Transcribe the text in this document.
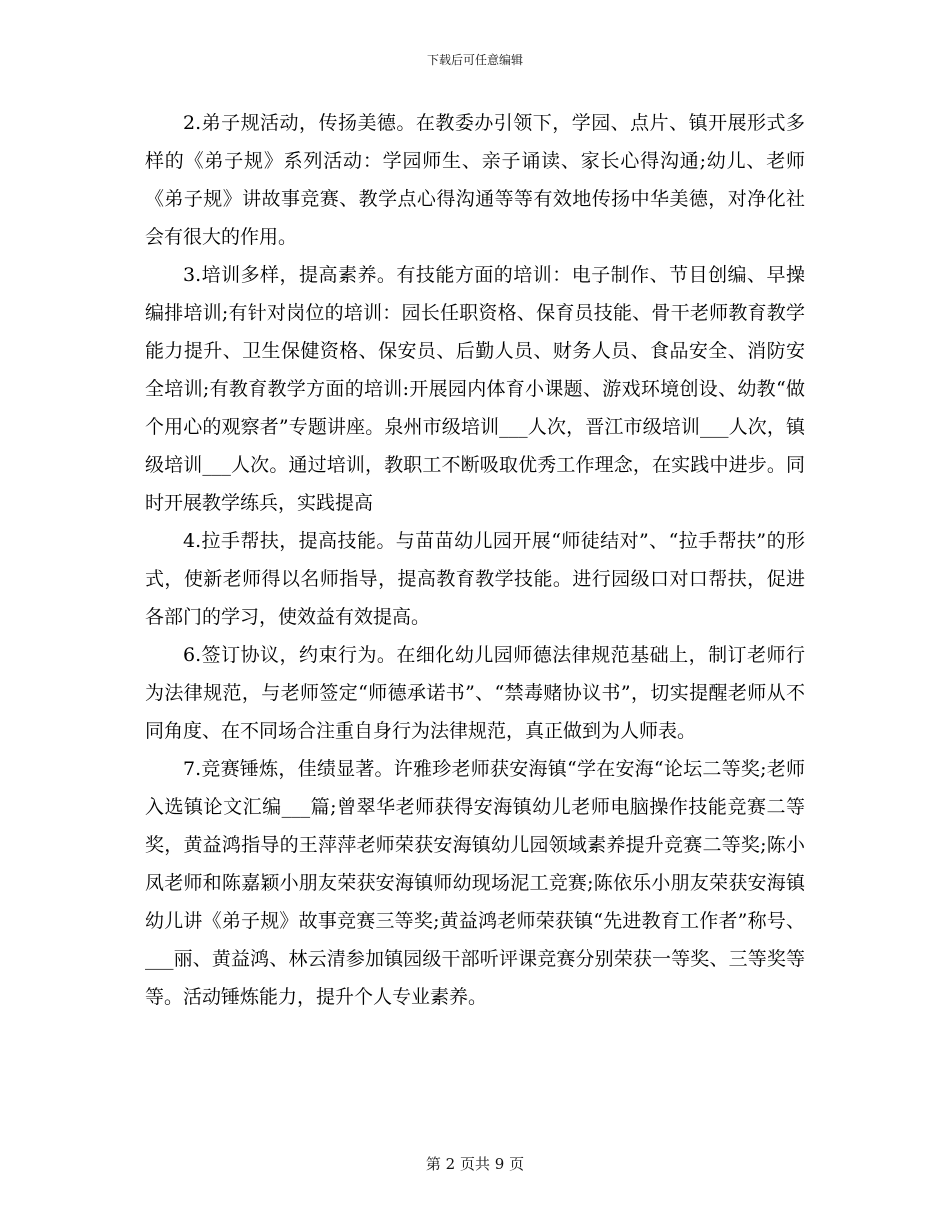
下载后可任意编辑

2.弟子规活动，传扬美德。在教委办引领下，学园、点片、镇开展形式多样的《弟子规》系列活动：学园师生、亲子诵读、家长心得沟通;幼儿、老师《弟子规》讲故事竞赛、教学点心得沟通等等有效地传扬中华美德，对净化社会有很大的作用。

3.培训多样，提高素养。有技能方面的培训：电子制作、节目创编、早操编排培训;有针对岗位的培训：园长任职资格、保育员技能、骨干老师教育教学能力提升、卫生保健资格、保安员、后勤人员、财务人员、食品安全、消防安全培训;有教育教学方面的培训:开展园内体育小课题、游戏环境创设、幼教“做个用心的观察者”专题讲座。泉州市级培训___人次，晋江市级培训___人次，镇级培训___人次。通过培训，教职工不断吸取优秀工作理念，在实践中进步。同时开展教学练兵，实践提高

4.拉手帮扶，提高技能。与苗苗幼儿园开展“师徒结对”、“拉手帮扶”的形式，使新老师得以名师指导，提高教育教学技能。进行园级口对口帮扶，促进各部门的学习，使效益有效提高。

6.签订协议，约束行为。在细化幼儿园师德法律规范基础上，制订老师行为法律规范，与老师签定“师德承诺书”、“禁毒赌协议书”，切实提醒老师从不同角度、在不同场合注重自身行为法律规范，真正做到为人师表。

7.竞赛锤炼，佳绩显著。许雅珍老师获安海镇“学在安海“论坛二等奖;老师入选镇论文汇编___篇;曾翠华老师获得安海镇幼儿老师电脑操作技能竞赛二等奖，黄益鸿指导的王萍萍老师荣获安海镇幼儿园领域素养提升竞赛二等奖;陈小凤老师和陈嘉颖小朋友荣获安海镇师幼现场泥工竞赛;陈依乐小朋友荣获安海镇幼儿讲《弟子规》故事竞赛三等奖;黄益鸿老师荣获镇“先进教育工作者”称号、___丽、黄益鸿、林云清参加镇园级干部听评课竞赛分别荣获一等奖、三等奖等等。活动锤炼能力，提升个人专业素养。

第 2 页共 9 页
